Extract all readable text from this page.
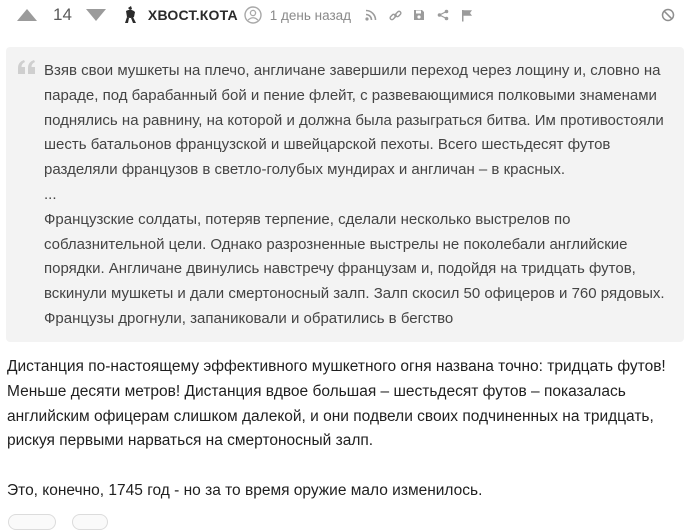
14	ХВОСТ.КОТА 1 день назад

Взяв свои мушкеты на плечо, англичане завершили переход через лощину и, словно на параде, под барабанный бой и пение флейт, с развевающимися полковыми знаменами поднялись на равнину, на которой и должна была разыграться битва. Им противостояли шесть батальонов французской и швейцарской пехоты. Всего шестьдесят футов разделяли французов в светло-голубых мундирах и англичан – в красных.

...

Французские солдаты, потеряв терпение, сделали несколько выстрелов по соблазнительной цели. Однако разрозненные выстрелы не поколебали английские порядки. Англичане двинулись навстречу французам и, подойдя на тридцать футов, вскинули мушкеты и дали смертоносный залп. Залп скосил 50 офицеров и 760 рядовых. Французы дрогнули, запаниковали и обратились в бегство

Дистанция по-настоящему эффективного мушкетного огня названа точно: тридцать футов! Меньше десяти метров! Дистанция вдвое большая – шестьдесят футов – показалась английским офицерам слишком далекой, и они подвели своих подчиненных на тридцать, рискуя первыми нарваться на смертоносный залп.

Это, конечно, 1745 год - но за то время оружие мало изменилось.
